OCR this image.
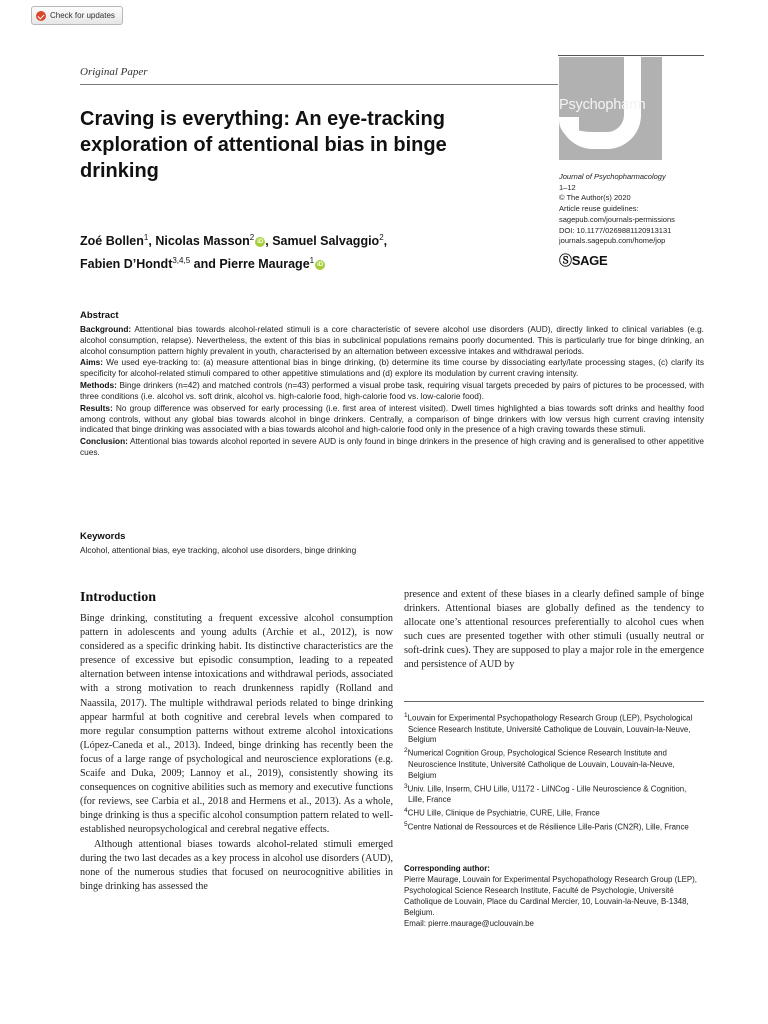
Check for updates
Original Paper
Craving is everything: An eye-tracking exploration of attentional bias in binge drinking
Zoé Bollen$^1$, Nicolas Masson$^2$iD , Samuel Salvaggio$^2$,
Fabien D’Hondt$^{3,4,5}$ and Pierre Maurage$^1$iD
Psychopharm
Journal of Psychopharmacology
1–12
© The Author(s) 2020
Article reuse guidelines:
sagepub.com/journals-permissions
DOI: 10.1177/0269881120913131
journals.sagepub.com/home/jop
ⓈSAGE
Abstract

Background: Attentional bias towards alcohol-related stimuli is a core characteristic of severe alcohol use disorders (AUD), directly linked to clinical variables (e.g. alcohol consumption, relapse). Nevertheless, the extent of this bias in subclinical populations remains poorly documented. This is particularly true for binge drinking, an alcohol consumption pattern highly prevalent in youth, characterised by an alternation between excessive intakes and withdrawal periods.

Aims: We used eye-tracking to: (a) measure attentional bias in binge drinking, (b) determine its time course by dissociating early/late processing stages, (c) clarify its specificity for alcohol-related stimuli compared to other appetitive stimulations and (d) explore its modulation by current craving intensity.

Methods: Binge drinkers (n=42) and matched controls (n=43) performed a visual probe task, requiring visual targets preceded by pairs of pictures to be processed, with three conditions (i.e. alcohol vs. soft drink, alcohol vs. high-calorie food, high-calorie food vs. low-calorie food).

Results: No group difference was observed for early processing (i.e. first area of interest visited). Dwell times highlighted a bias towards soft drinks and healthy food among controls, without any global bias towards alcohol in binge drinkers. Centrally, a comparison of binge drinkers with low versus high current craving intensity indicated that binge drinking was associated with a bias towards alcohol and high-calorie food only in the presence of a high craving towards these stimuli.

Conclusion: Attentional bias towards alcohol reported in severe AUD is only found in binge drinkers in the presence of high craving and is generalised to other appetitive cues.

Keywords
Alcohol, attentional bias, eye tracking, alcohol use disorders, binge drinking
Introduction

Binge drinking, constituting a frequent excessive alcohol consumption pattern in adolescents and young adults (Archie et al., 2012), is now considered as a specific drinking habit. Its distinctive characteristics are the presence of excessive but episodic consumption, leading to a repeated alternation between intense intoxications and withdrawal periods, associated with a strong motivation to reach drunkenness rapidly (Rolland and Naassila, 2017). The multiple withdrawal periods related to binge drinking appear harmful at both cognitive and cerebral levels when compared to more regular consumption patterns without extreme alcohol intoxications (López-Caneda et al., 2013). Indeed, binge drinking has recently been the focus of a large range of psychological and neuroscience explorations (e.g. Scaife and Duka, 2009; Lannoy et al., 2019), consistently showing its consequences on cognitive abilities such as memory and executive functions (for reviews, see Carbia et al., 2018 and Hermens et al., 2013). As a whole, binge drinking is thus a specific alcohol consumption pattern related to well-established neuropsychological and cerebral negative effects.

Although attentional biases towards alcohol-related stimuli emerged during the two last decades as a key process in alcohol use disorders (AUD), none of the numerous studies that focused on neurocognitive abilities in binge drinking has assessed the

presence and extent of these biases in a clearly defined sample of binge drinkers. Attentional biases are globally defined as the tendency to allocate one’s attentional resources preferentially to alcohol cues when such cues are presented together with other stimuli (usually neutral or soft-drink cues). They are supposed to play a major role in the emergence and persistence of AUD by

$^1$Louvain for Experimental Psychopathology Research Group (LEP), Psychological Science Research Institute, Université Catholique de Louvain, Louvain-la-Neuve, Belgium

$^2$Numerical Cognition Group, Psychological Science Research Institute and Neuroscience Institute, Université Catholique de Louvain, Louvain-la-Neuve, Belgium

$^3$Univ. Lille, Inserm, CHU Lille, U1172 - LilNCog - Lille Neuroscience & Cognition, Lille, France

$^4$CHU Lille, Clinique de Psychiatrie, CURE, Lille, France

$^5$Centre National de Ressources et de Résilience Lille-Paris (CN2R), Lille, France

Corresponding author:
Pierre Maurage, Louvain for Experimental Psychopathology Research Group (LEP), Psychological Science Research Institute, Faculté de Psychologie, Université Catholique de Louvain, Place du Cardinal Mercier, 10, Louvain-la-Neuve, B-1348, Belgium.
Email: pierre.maurage@uclouvain.be
